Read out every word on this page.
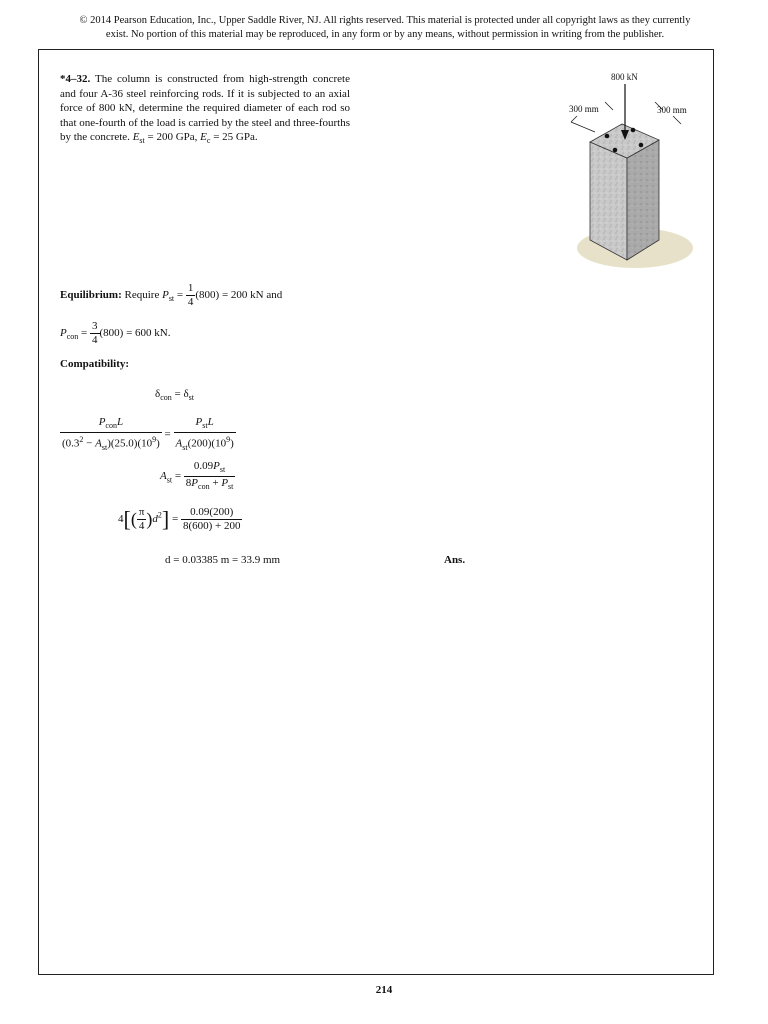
© 2014 Pearson Education, Inc., Upper Saddle River, NJ. All rights reserved. This material is protected under all copyright laws as they currently
exist. No portion of this material may be reproduced, in any form or by any means, without permission in writing from the publisher.
*4–32. The column is constructed from high-strength concrete and four A-36 steel reinforcing rods. If it is subjected to an axial force of 800 kN, determine the required diameter of each rod so that one-fourth of the load is carried by the steel and three-fourths by the concrete. $E_{st} = 200$ GPa, $E_c = 25$ GPa.
800 kN
300 mm	300 mm
Equilibrium: Require $P_{st} = \frac{1}{4} (800) = 200$ kN and
$P_{con} = \frac{3}{4} (800) = 600$ kN.
Compatibility:
$\delta_{con} = \delta_{st}$
$\frac{P_{con}L}{(0.3^2 - A_{st})(25.0)(10^9)} = \frac{P_{st}L}{A_{st}(200)(10^9)}$
$A_{st} = \frac{0.09P_{st}}{8P_{con} + P_{st}}$
$4[( \frac{\pi}{4} )d^2] = \frac{0.09(200)}{8(600) + 200}$
d = 0.03385 m = 33.9 mm	Ans.
214
